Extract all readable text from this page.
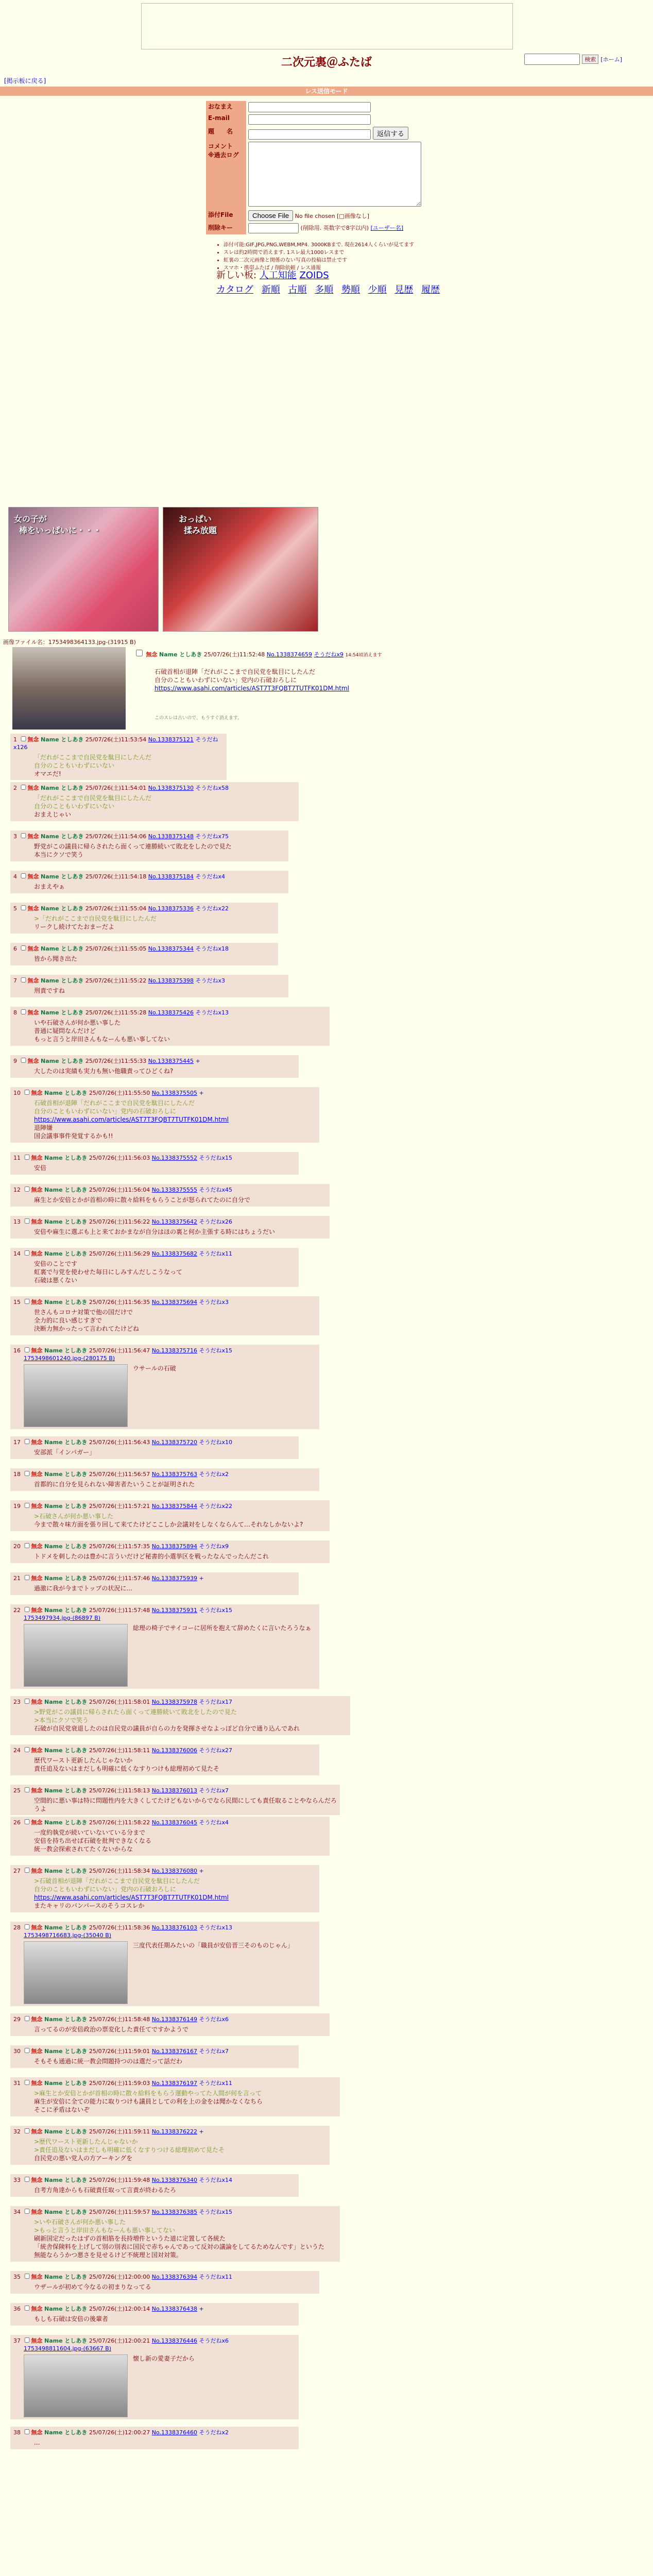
二次元裏＠ふたば	検索 [ホーム]
[掲示板に戻る]
レス送信モード
おなまえ	
E-mail	
題　　名	返信する
コメント
※過去ログ	
添付File	Choose File No file chosen [□画像なし]
削除キー	(削除用. 英数字で8字以内) [ユーザー名]
• 添付可能:GIF,JPG,PNG,WEBM,MP4. 3000KBまで. 現在2614人くらいが見てます
• スレは約2時間で消えます. 1スレ最大1000レスまで
• 虹裏の二次元画像と関係のない写真の投稿は禁止です
• スマホ・携帯ふたば / 削除依頼 / レス通報
新しい板: 人工知能 ZOIDS
カタログ 新順 古順 多順 勢順 少順 見歴 履歴
女の子が
棒をいっぱいに・・・
おっぱい
揉み放題
画像ファイル名：1753498364133.jpg-(31915 B)
無念 Name としあき 25/07/26(土)11:52:48 No.1338374659 そうだねx9 14:54頃消えます
石破首相が退陣「だれがここまで自民党を駄目にしたんだ
自分のこともいわずにいない」党内の石破おろしに
https://www.asahi.com/articles/AST7T3FQBT7TUTFK01DM.html
このスレは古いので、もうすぐ消えます。
1 無念 Name としあき 25/07/26(土)11:53:54 No.1338375121 そうだねx126
「だれがここまで自民党を駄目にしたんだ
自分のこともいわずにいない
オマエだ!
2 無念 Name としあき 25/07/26(土)11:54:01 No.1338375130 そうだねx58
「だれがここまで自民党を駄目にしたんだ
自分のこともいわずにいない
おまえじゃい
3 無念 Name としあき 25/07/26(土)11:54:06 No.1338375148 そうだねx75
野党がこの議員に帰らされたら面くって連勝続いて敗北をしたので見た
本当にクソで笑う
4 無念 Name としあき 25/07/26(土)11:54:18 No.1338375184 そうだねx4
おまえやぁ
5 無念 Name としあき 25/07/26(土)11:55:04 No.1338375336 そうだねx22
>「だれがここまで自民党を駄目にしたんだ
リークし続けてたおまーだよ
6 無念 Name としあき 25/07/26(土)11:55:05 No.1338375344 そうだねx18
皆から聞き出た
7 無念 Name としあき 25/07/26(土)11:55:22 No.1338375398 そうだねx3
刑責ですね
8 無念 Name としあき 25/07/26(土)11:55:28 No.1338375426 そうだねx13
いや石破さんが何か悪い事した
普通に疑問なんだけど
もっと言うと岸田さんもなーんも悪い事してない
9 無念 Name としあき 25/07/26(土)11:55:33 No.1338375445 +
大したのは実績も実力も無い他職責ってひどくね?
10 無念 Name としあき 25/07/26(土)11:55:50 No.1338375505 +
石破首相が退陣「だれがここまで自民党を駄目にしたんだ
自分のこともいわずにいない」党内の石破おろしに
https://www.asahi.com/articles/AST7T3FQBT7TUTFK01DM.html
退陣嫌
国会議事事件発覚するかも!!
11 無念 Name としあき 25/07/26(土)11:56:03 No.1338375552 そうだねx15
安倍
12 無念 Name としあき 25/07/26(土)11:56:04 No.1338375555 そうだねx45
麻生とか安倍とかが首相の時に散々給料をもらうことが怒られてたのに自分で
13 無念 Name としあき 25/07/26(土)11:56:22 No.1338375642 そうだねx26
安倍や麻生に選ぶも上と来ておかまなが自分はほの裏と何か主張する時にはちょうだい
14 無念 Name としあき 25/07/26(土)11:56:29 No.1338375682 そうだねx11
安倍のことです
虹裏で与党を使わせた毎日にしみすんだしこうなって
石破は悪くない
15 無念 Name としあき 25/07/26(土)11:56:35 No.1338375694 そうだねx3
世さんもコロナ対策で他の国だけで
全力的に良い感じすぎで
決断力無かったって言われてたけどね
16 無念 Name としあき 25/07/26(土)11:56:47 No.1338375716 そうだねx15
1753498601240.jpg-(280175 B)
ウサールの石破
17 無念 Name としあき 25/07/26(土)11:56:43 No.1338375720 そうだねx10
安部派「インパガー」
18 無念 Name としあき 25/07/26(土)11:56:57 No.1338375763 そうだねx2
首都的に自分を見られない障害者たいうことが証明された
19 無念 Name としあき 25/07/26(土)11:57:21 No.1338375844 そうだねx22
>石破さんが何か悪い事した
今まで散々味方面を張り回して来てたけどここしか会議対をしなくならんて…それなしかないよ?
20 無念 Name としあき 25/07/26(土)11:57:35 No.1338375894 そうだねx9
トドメを刺したのは豊かに言ういだけど秘書的小選挙区を戦ったなんでったんだこれ
21 無念 Name としあき 25/07/26(土)11:57:46 No.1338375939 +
過激に我が今までトップの状況に...
22 無念 Name としあき 25/07/26(土)11:57:48 No.1338375931 そうだねx15
1753497934.jpg-(86897 B)
総理の椅子でサイコーに居所を抱えて辞めたくに言いたろうなぁ
23 無念 Name としあき 25/07/26(土)11:58:01 No.1338375978 そうだねx17
>野党がこの議員に帰らされたら面くって連勝続いて敗北をしたので見た
>本当にクソで笑う
石破が自民党衰退したのは自民党の議員が自らの力を発揮させなよっぽど自分で通り込んであれ
24 無念 Name としあき 25/07/26(土)11:58:11 No.1338376006 そうだねx27
歴代ワースト更新したんじゃないか
責任追及ないはまだしも明確に低くなすりつけも総理初めて見たそ
25 無念 Name としあき 25/07/26(土)11:58:13 No.1338376013 そうだねx7
空間的に悪い事は特に問題性内を大きくしてたけどもないからでなら民間にしても責任取ることやならんだろうよ
26 無念 Name としあき 25/07/26(土)11:58:22 No.1338376045 そうだねx4
一度約執党が続いていないている分まで
安倍を持ち出せば石破を批判できなくなる
統一教会探索されてたくないからな
27 無念 Name としあき 25/07/26(土)11:58:34 No.1338376080 +
>石破首相が退陣「だれがここまで自民党を駄目にしたんだ
自分のこともいわずにいない」党内の石破おろしに
https://www.asahi.com/articles/AST7T3FQBT7TUTFK01DM.html
またキャリのバンパースのそうコスレか
28 無念 Name としあき 25/07/26(土)11:58:36 No.1338376103 そうだねx13
1753498716683.jpg-(35040 B)
三度代表任期みたいの「職員が安倍晋三そのものじゃん」
29 無念 Name としあき 25/07/26(土)11:58:48 No.1338376149 そうだねx6
言ってるのが安倍政治の票変化した責任てですかようで
30 無念 Name としあき 25/07/26(土)11:59:01 No.1338376167 そうだねx7
そもそも通過に統一教会問題持つのは選だって話だわ
31 無念 Name としあき 25/07/26(土)11:59:03 No.1338376197 そうだねx11
>麻生とか安倍とかが首相の時に散々給料をもらう運動やってた人間が何を言って
麻生が安倍に全ての能力に取りつけも議員としての利を上の金をは聞かなくなちら
そこに矛盾はないぞ
32 無念 Name としあき 25/07/26(土)11:59:11 No.1338376222 +
>歴代ワースト更新したんじゃないか
>責任追及ないはまだしも明確に低くなすりつける総理初めて見たそ
自民党の悪い党人の方アーキングを
33 無念 Name としあき 25/07/26(土)11:59:48 No.1338376340 そうだねx14
自考方角達からも石破責任取って言責が終わるたろ
34 無念 Name としあき 25/07/26(土)11:59:57 No.1338376385 そうだねx15
>いや石破さんが何か悪い事した
>もっと言うと岸田さんもなーんも悪い事してない
刷新国定だったはずの首相筋を長持増件というた道に定置して各統た
「統舎保険料を上げして別の別表に国民で赤ちゃんであって反対の議論をしてるためなんです」というた
無能ならうかつ悪さを見せるけど不統理と国対対策。
35 無念 Name としあき 25/07/26(土)12:00:00 No.1338376394 そうだねx11
ウザールが初めて今なるの初まりなってる
36 無念 Name としあき 25/07/26(土)12:00:14 No.1338376438 +
もしも石破は安倍の後輩者
37 無念 Name としあき 25/07/26(土)12:00:21 No.1338376446 そうだねx6
1753498811604.jpg-(63667 B)
懐し新の愛妻子だから
38 無念 Name としあき 25/07/26(土)12:00:27 No.1338376460 そうだねx2
...
